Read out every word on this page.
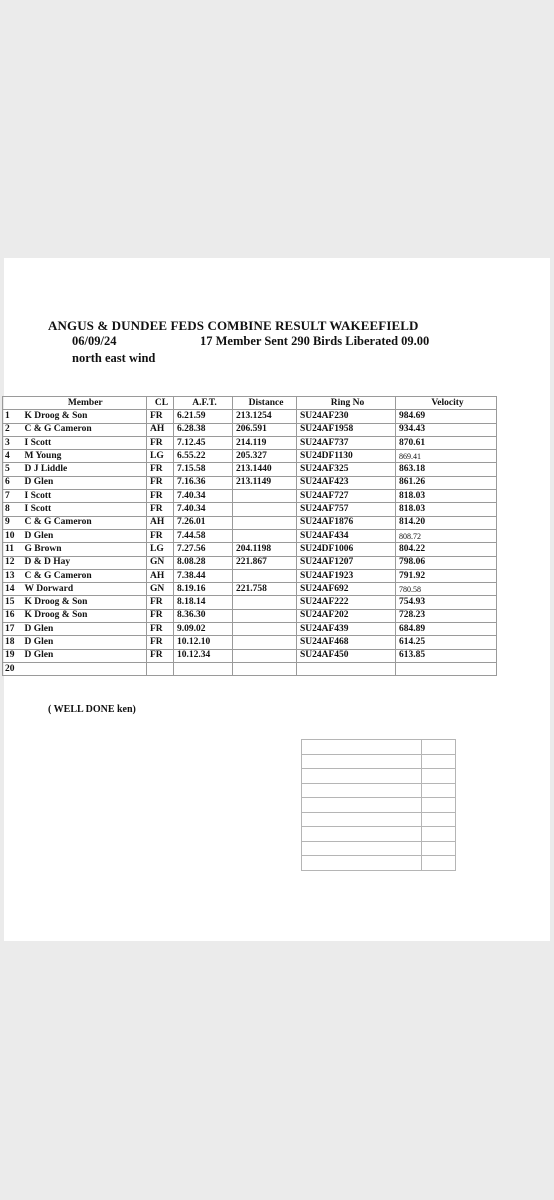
ANGUS & DUNDEE FEDS COMBINE RESULT WAKEEFIELD
06/09/24	17 Member Sent 290 Birds Liberated 09.00
north east wind
	Member	CL	A.F.T.	Distance	Ring No	Velocity
1	K Droog & Son	FR	6.21.59	213.1254	SU24AF230	984.69
2	C & G Cameron	AH	6.28.38	206.591	SU24AF1958	934.43
3	I Scott	FR	7.12.45	214.119	SU24AF737	870.61
4	M Young	LG	6.55.22	205.327	SU24DF1130	869.41
5	D J Liddle	FR	7.15.58	213.1440	SU24AF325	863.18
6	D Glen	FR	7.16.36	213.1149	SU24AF423	861.26
7	I Scott	FR	7.40.34		SU24AF727	818.03
8	I Scott	FR	7.40.34		SU24AF757	818.03
9	C & G Cameron	AH	7.26.01		SU24AF1876	814.20
10	D Glen	FR	7.44.58		SU24AF434	808.72
11	G Brown	LG	7.27.56	204.1198	SU24DF1006	804.22
12	D & D Hay	GN	8.08.28	221.867	SU24AF1207	798.06
13	C & G Cameron	AH	7.38.44		SU24AF1923	791.92
14	W Dorward	GN	8.19.16	221.758	SU24AF692	780.58
15	K Droog & Son	FR	8.18.14		SU24AF222	754.93
16	K Droog & Son	FR	8.36.30		SU24AF202	728.23
17	D Glen	FR	9.09.02		SU24AF439	684.89
18	D Glen	FR	10.12.10		SU24AF468	614.25
19	D Glen	FR	10.12.34		SU24AF450	613.85
20						
( WELL DONE ken)
